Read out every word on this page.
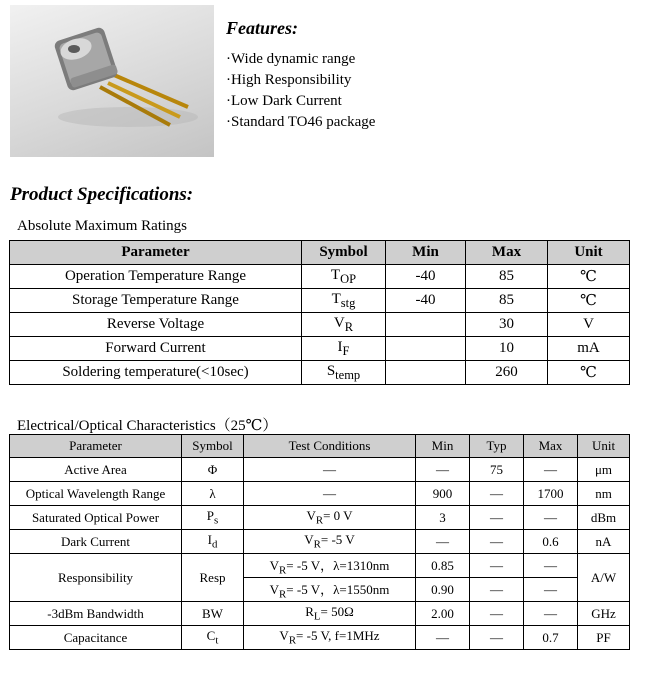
Features:
·Wide dynamic range
·High Responsibility
·Low Dark Current
·Standard TO46 package
Product Specifications:
Absolute Maximum Ratings
Parameter	Symbol	Min	Max	Unit
Operation Temperature Range	$T_{OP}$	-40	85	℃
Storage Temperature Range	$T_{stg}$	-40	85	℃
Reverse Voltage	$V_R$		30	V
Forward Current	$I_F$		10	mA
Soldering temperature(<10sec)	$S_{temp}$		260	℃
Electrical/Optical Characteristics（25℃）
Parameter	Symbol	Test Conditions	Min	Typ	Max	Unit
Active Area	Φ	—	—	75	—	μm
Optical Wavelength Range	λ	—	900	—	1700	nm
Saturated Optical Power	$P_s$	$V_R= 0$ V	3	—	—	dBm
Dark Current	$I_d$	$V_R= -5$ V	—	—	0.6	nA
Responsibility	Resp	$V_R= -5$ V，λ=1310nm	0.85	—	—	A/W
		$V_R= -5$ V，λ=1550nm	0.90	—	—	
-3dBm Bandwidth	BW	$R_L= 50\Omega$	2.00	—	—	GHz
Capacitance	$C_t$	$V_R= -5$ V, f=1MHz	—	—	0.7	PF
